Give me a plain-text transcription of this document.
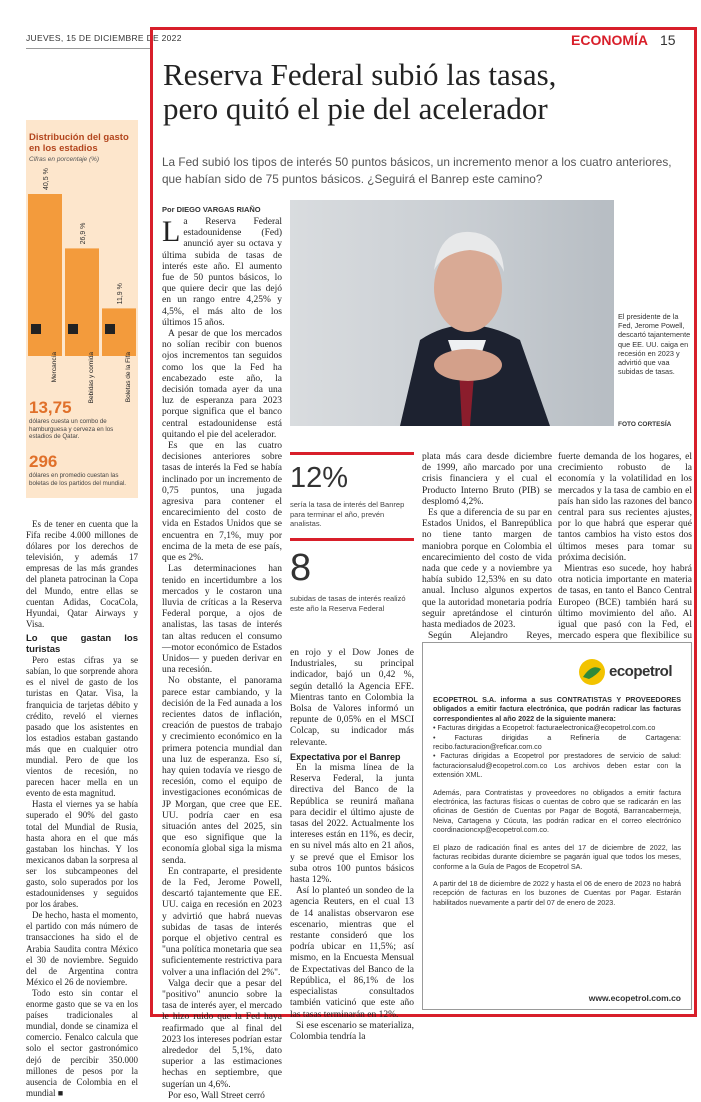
JUEVES, 15 DE DICIEMBRE DE 2022	ECONOMÍA 15
Reserva Federal subió las tasas,
pero quitó el pie del acelerador
La Fed subió los tipos de interés 50 puntos básicos, un incremento menor a los cuatro anteriores, que habían sido de 75 puntos básicos. ¿Seguirá el Banrep este camino?
Por DIEGO VARGAS RIAÑO
Distribución del gasto en los estadios
Cifras en porcentaje (%)
40,5 %
Mercancía
26,9 %
Bebidas y comida
11,9 %
Boletas de la Fifa
13,75
dólares cuesta un combo de hamburguesa y cerveza en los estadios de Qatar.
296
dólares en promedio cuestan las boletas de los partidos del mundial.

Es de tener en cuenta que la Fifa recibe 4.000 millones de dólares por los derechos de televisión, y además 17 empresas de las más grandes del planeta patrocinan la Copa del Mundo, entre ellas se cuentan Adidas, CocaCola, Hyundai, Qatar Airways y Visa.

Lo que gastan los turistas

Pero estas cifras ya se sabían, lo que sorprende ahora es el nivel de gasto de los turistas en Qatar. Visa, la franquicia de tarjetas débito y crédito, reveló el viernes pasado que los asistentes en los estadios estaban gastando más que en cualquier otro mundial. Pero de que los vientos de recesión, no parecen hacer mella en un evento de esta magnitud.

Hasta el viernes ya se había superado el 90% del gasto total del Mundial de Rusia, hasta ahora en el que más gastaban los hinchas. Y los mexicanos daban la sorpresa al ser los subcampeones del gasto, solo superados por los estadounidenses y seguidos por los árabes.

De hecho, hasta el momento, el partido con más número de transacciones ha sido el de Arabia Saudita contra México el 30 de noviembre. Seguido del de Argentina contra México el 26 de noviembre.

Todo esto sin contar el enorme gasto que se va en los países tradicionales al mundial, donde se cinamiza el comercio. Fenalco calcula que solo el sector gastronómico dejó de percibir 350.000 millones de pesos por la ausencia de Colombia en el mundial ■

El presidente de la Fed, Jerome Powell, descartó tajantemente que EE. UU. caiga en recesión en 2023 y advirtió que vaa subidas de tasas.
FOTO CORTESÍA

La Reserva Federal estadounidense (Fed) anunció ayer su octava y última subida de tasas de interés este año. El aumento fue de 50 puntos básicos, lo que quiere decir que las dejó en un rango entre 4,25% y 4,5%, el más alto de los últimos 15 años.

A pesar de que los mercados no solían recibir con buenos ojos incrementos tan seguidos como los que la Fed ha encabezado este año, la decisión tomada ayer da una luz de esperanza para 2023 porque significa que el banco central estadounidense está quitando el pie del acelerador.

Es que en las cuatro decisiones anteriores sobre tasas de interés la Fed se había inclinado por un incremento de 0,75 puntos, una jugada agresiva para contener el encarecimiento del costo de vida en Estados Unidos que se encuentra en 7,1%, muy por encima de la meta de ese país, que es 2%.

Las determinaciones han tenido en incertidumbre a los mercados y le costaron una lluvia de críticas a la Reserva Federal porque, a ojos de analistas, las tasas de interés tan altas reducen el consumo —motor económico de Estados Unidos— y pueden derivar en una recesión.

No obstante, el panorama parece estar cambiando, y la decisión de la Fed aunada a los recientes datos de inflación, creación de puestos de trabajo y crecimiento económico en la primera potencia mundial dan una luz de esperanza. Eso sí, hay quien todavía ve riesgo de recesión, como el equipo de investigaciones económicas de JP Morgan, que cree que EE. UU. podría caer en esa situación antes del 2025, sin que eso signifique que la economía global siga la misma senda.

En contraparte, el presidente de la Fed, Jerome Powell, descartó tajantemente que EE. UU. caiga en recesión en 2023 y advirtió que habrá nuevas subidas de tasas de interés porque el objetivo central es "una política monetaria que sea suficientemente restrictiva para volver a una inflación del 2%".

Valga decir que a pesar del "positivo" anuncio sobre la tasa de interés ayer, el mercado le hizo ruido que la Fed haya reafirmado que al final del 2023 los intereses podrían estar alrededor del 5,1%, dato superior a las estimaciones hechas en septiembre, que sugerían un 4,6%.

Por eso, Wall Street cerró

12%
sería la tasa de interés del Banrep para terminar el año, prevén analistas.
8
subidas de tasas de interés realizó este año la Reserva Federal

en rojo y el Dow Jones de Industriales, su principal indicador, bajó un 0,42 %, según detalló la Agencia EFE. Mientras tanto en Colombia la Bolsa de Valores informó un repunte de 0,05% en el MSCI Colcap, su indicador más relevante.

Expectativa por el Banrep

En la misma línea de la Reserva Federal, la junta directiva del Banco de la República se reunirá mañana para decidir el último ajuste de tasas del 2022. Actualmente los intereses están en 11%, es decir, en su nivel más alto en 21 años, y se prevé que el Emisor los suba otros 100 puntos básicos hasta 12%.

Así lo planteó un sondeo de la agencia Reuters, en el cual 13 de 14 analistas observaron ese escenario, mientras que el restante consideró que los podría ubicar en 11,5%; así mismo, en la Encuesta Mensual de Expectativas del Banco de la República, el 86,1% de los especialistas consultados también vaticinó que este año las tasas terminarán en 12%.

Si ese escenario se materializa, Colombia tendría la

plata más cara desde diciembre de 1999, año marcado por una crisis financiera y el cual el Producto Interno Bruto (PIB) se desplomó 4,2%.

Es que a diferencia de su par en Estados Unidos, el Banrepública no tiene tanto margen de maniobra porque en Colombia el encarecimiento del costo de vida nada que cede y a noviembre ya había subido 12,53% en su dato anual. Incluso algunos expertos que la autoridad monetaria podría seguir apretándose el cinturón hasta mediados de 2023.

Según Alejandro Reyes,

fuerte demanda de los hogares, el crecimiento robusto de la economía y la volatilidad en los mercados y la tasa de cambio en el país han sido las razones del banco central para sus recientes ajustes, por lo que habrá que esperar qué tantos cambios ha visto estos dos últimos meses para tomar su próxima decisión.

Mientras eso sucede, hoy habrá otra noticia importante en materia de tasas, en tanto el Banco Central Europeo (BCE) también hará su último movimiento del año. Al igual que pasó con la Fed, el mercado espera que flexibilice su

ecopetrol

ECOPETROL S.A. informa a sus CONTRATISTAS Y PROVEEDORES obligados a emitir factura electrónica, que podrán radicar las facturas correspondientes al año 2022 de la siguiente manera:

• Facturas dirigidas a Ecopetrol: facturaelectronica@ecopetrol.com.co

• Facturas dirigidas a Refinería de Cartagena: recibo.facturacion@reficar.com.co

• Facturas dirigidas a Ecopetrol por prestadores de servicio de salud: facturacionsalud@ecopetrol.com.co Los archivos deben estar con la extensión XML.

Además, para Contratistas y proveedores no obligados a emitir factura electrónica, las facturas físicas o cuentas de cobro que se radicarán en las oficinas de Gestión de Cuentas por Pagar de Bogotá, Barrancabermeja, Neiva, Cartagena y Cúcuta, las podrán radicar en el correo electrónico coordinacioncxp@ecopetrol.com.co.

El plazo de radicación final es antes del 17 de diciembre de 2022, las facturas recibidas durante diciembre se pagarán igual que todos los meses, conforme a la Guía de Pagos de Ecopetrol SA.

A partir del 18 de diciembre de 2022 y hasta el 06 de enero de 2023 no habrá recepción de facturas en los buzones de Cuentas por Pagar. Estarán habilitados nuevamente a partir del 07 de enero de 2023.

www.ecopetrol.com.co
